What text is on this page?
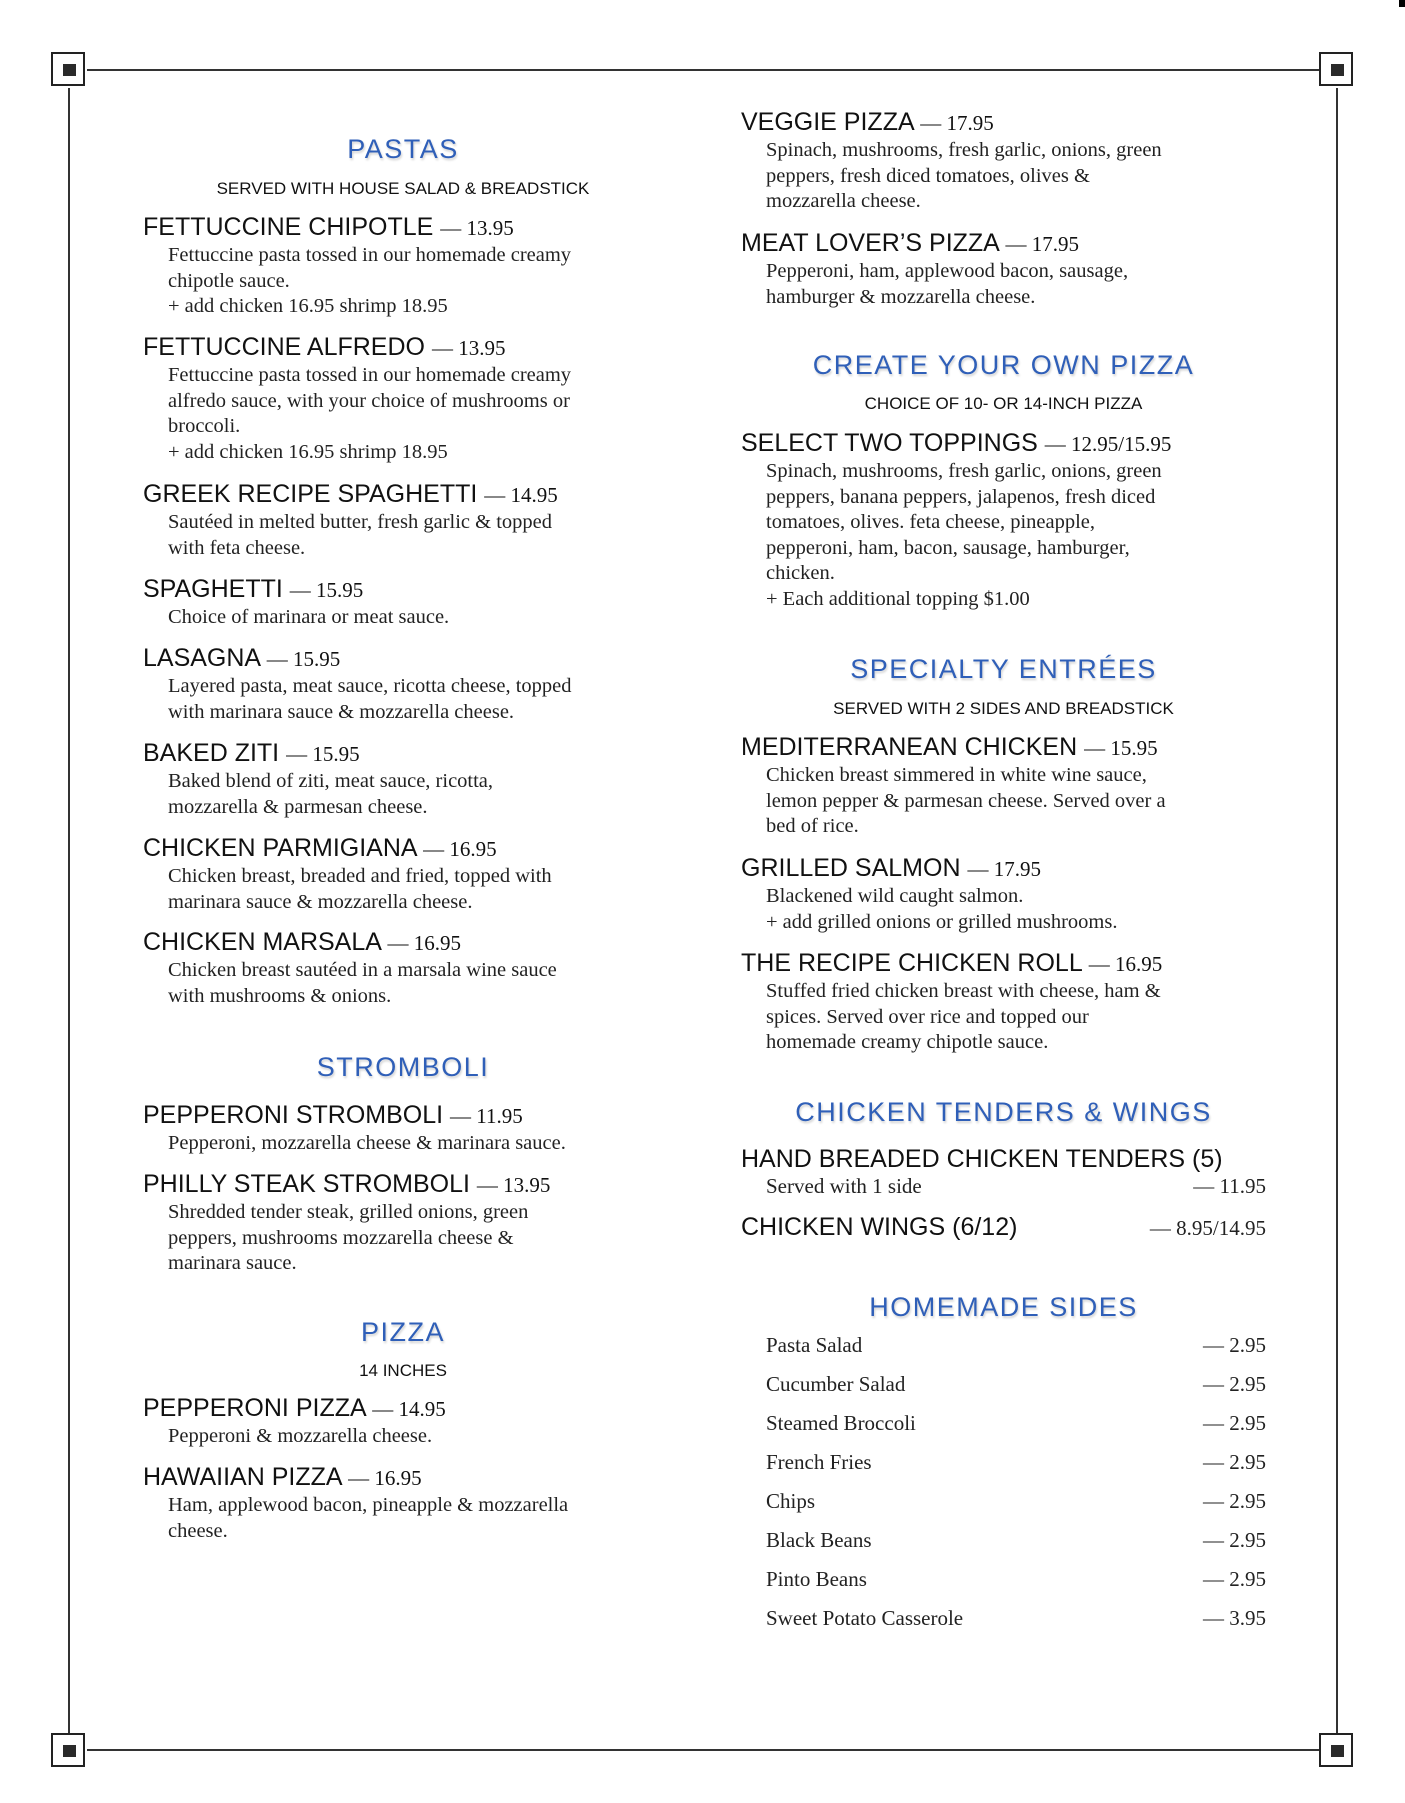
PASTAS
SERVED WITH HOUSE SALAD & BREADSTICK
FETTUCCINE CHIPOTLE — 13.95
Fettuccine pasta tossed in our homemade creamy
chipotle sauce.
+ add chicken 16.95 shrimp 18.95
FETTUCCINE ALFREDO — 13.95
Fettuccine pasta tossed in our homemade creamy
alfredo sauce, with your choice of mushrooms or
broccoli.
+ add chicken 16.95 shrimp 18.95
GREEK RECIPE SPAGHETTI — 14.95
Sautéed in melted butter, fresh garlic & topped
with feta cheese.
SPAGHETTI — 15.95
Choice of marinara or meat sauce.
LASAGNA — 15.95
Layered pasta, meat sauce, ricotta cheese, topped
with marinara sauce & mozzarella cheese.
BAKED ZITI — 15.95
Baked blend of ziti, meat sauce, ricotta,
mozzarella & parmesan cheese.
CHICKEN PARMIGIANA — 16.95
Chicken breast, breaded and fried, topped with
marinara sauce & mozzarella cheese.
CHICKEN MARSALA — 16.95
Chicken breast sautéed in a marsala wine sauce
with mushrooms & onions.
STROMBOLI
PEPPERONI STROMBOLI — 11.95
Pepperoni, mozzarella cheese & marinara sauce.
PHILLY STEAK STROMBOLI — 13.95
Shredded tender steak, grilled onions, green
peppers, mushrooms mozzarella cheese &
marinara sauce.
PIZZA
14 INCHES
PEPPERONI PIZZA — 14.95
Pepperoni & mozzarella cheese.
HAWAIIAN PIZZA — 16.95
Ham, applewood bacon, pineapple & mozzarella
cheese.
VEGGIE PIZZA — 17.95
Spinach, mushrooms, fresh garlic, onions, green
peppers, fresh diced tomatoes, olives &
mozzarella cheese.
MEAT LOVER’S PIZZA — 17.95
Pepperoni, ham, applewood bacon, sausage,
hamburger & mozzarella cheese.
CREATE YOUR OWN PIZZA
CHOICE OF 10- OR 14-INCH PIZZA
SELECT TWO TOPPINGS — 12.95/15.95
Spinach, mushrooms, fresh garlic, onions, green
peppers, banana peppers, jalapenos, fresh diced
tomatoes, olives. feta cheese, pineapple,
pepperoni, ham, bacon, sausage, hamburger,
chicken.
+ Each additional topping $1.00
SPECIALTY ENTRÉES
SERVED WITH 2 SIDES AND BREADSTICK
MEDITERRANEAN CHICKEN — 15.95
Chicken breast simmered in white wine sauce,
lemon pepper & parmesan cheese. Served over a
bed of rice.
GRILLED SALMON — 17.95
Blackened wild caught salmon.
+ add grilled onions or grilled mushrooms.
THE RECIPE CHICKEN ROLL — 16.95
Stuffed fried chicken breast with cheese, ham &
spices. Served over rice and topped our
homemade creamy chipotle sauce.
CHICKEN TENDERS & WINGS
HAND BREADED CHICKEN TENDERS (5)
Served with 1 side	— 11.95
CHICKEN WINGS (6/12)	— 8.95/14.95
HOMEMADE SIDES
Pasta Salad	— 2.95
Cucumber Salad	— 2.95
Steamed Broccoli	— 2.95
French Fries	— 2.95
Chips	— 2.95
Black Beans	— 2.95
Pinto Beans	— 2.95
Sweet Potato Casserole	— 3.95
